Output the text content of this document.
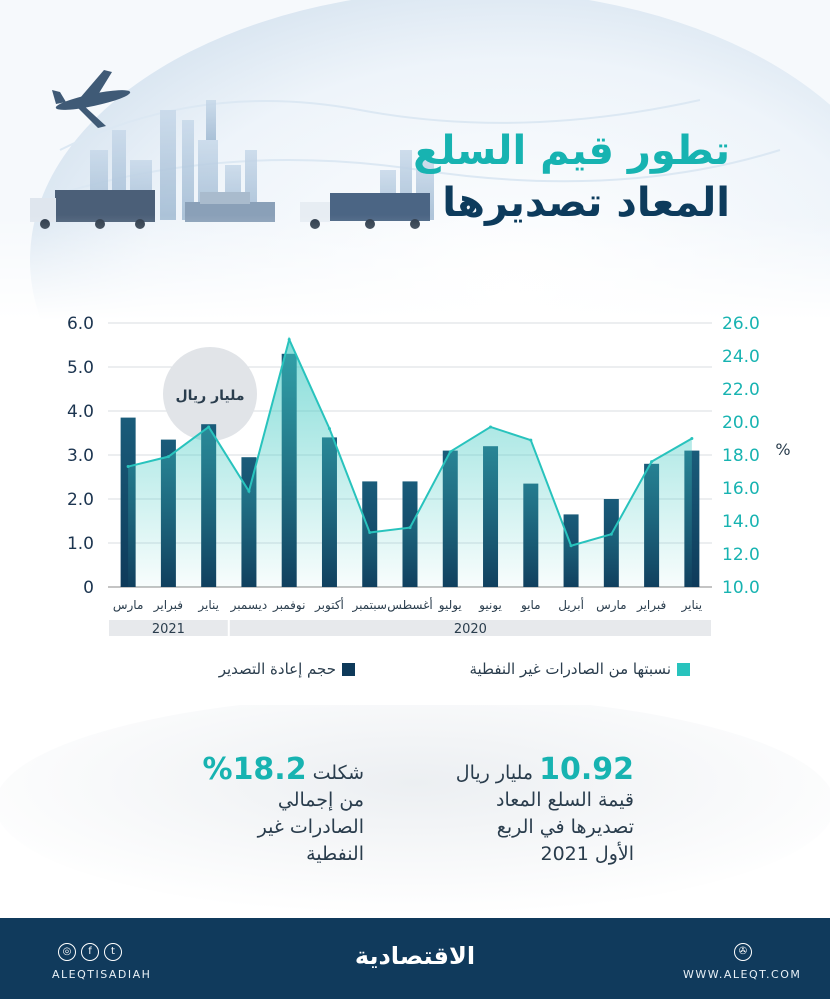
تطور قيم السلع
المعاد تصديرها
مليار ريال
0
1.0
2.0
3.0
4.0
5.0
6.0
10.0
12.0
14.0
16.0
18.0
20.0
22.0
24.0
26.0
%
يناير
فبراير
مارس
أبريل
مايو
يونيو
يوليو
أغسطس
سبتمبر
أكتوبر
نوفمبر
ديسمبر
يناير
فبراير
مارس
2020
2021
نسبتها من الصادرات غير النفطية
حجم إعادة التصدير
10.92 مليار ريال
قيمة السلع المعاد
تصديرها في الربع
الأول 2021
شكلت 18.2%
من إجمالي
الصادرات غير
النفطية
◎	f	t
ALEQTISADIAH
الاقتصادية	✇
WWW.ALEQT.COM
